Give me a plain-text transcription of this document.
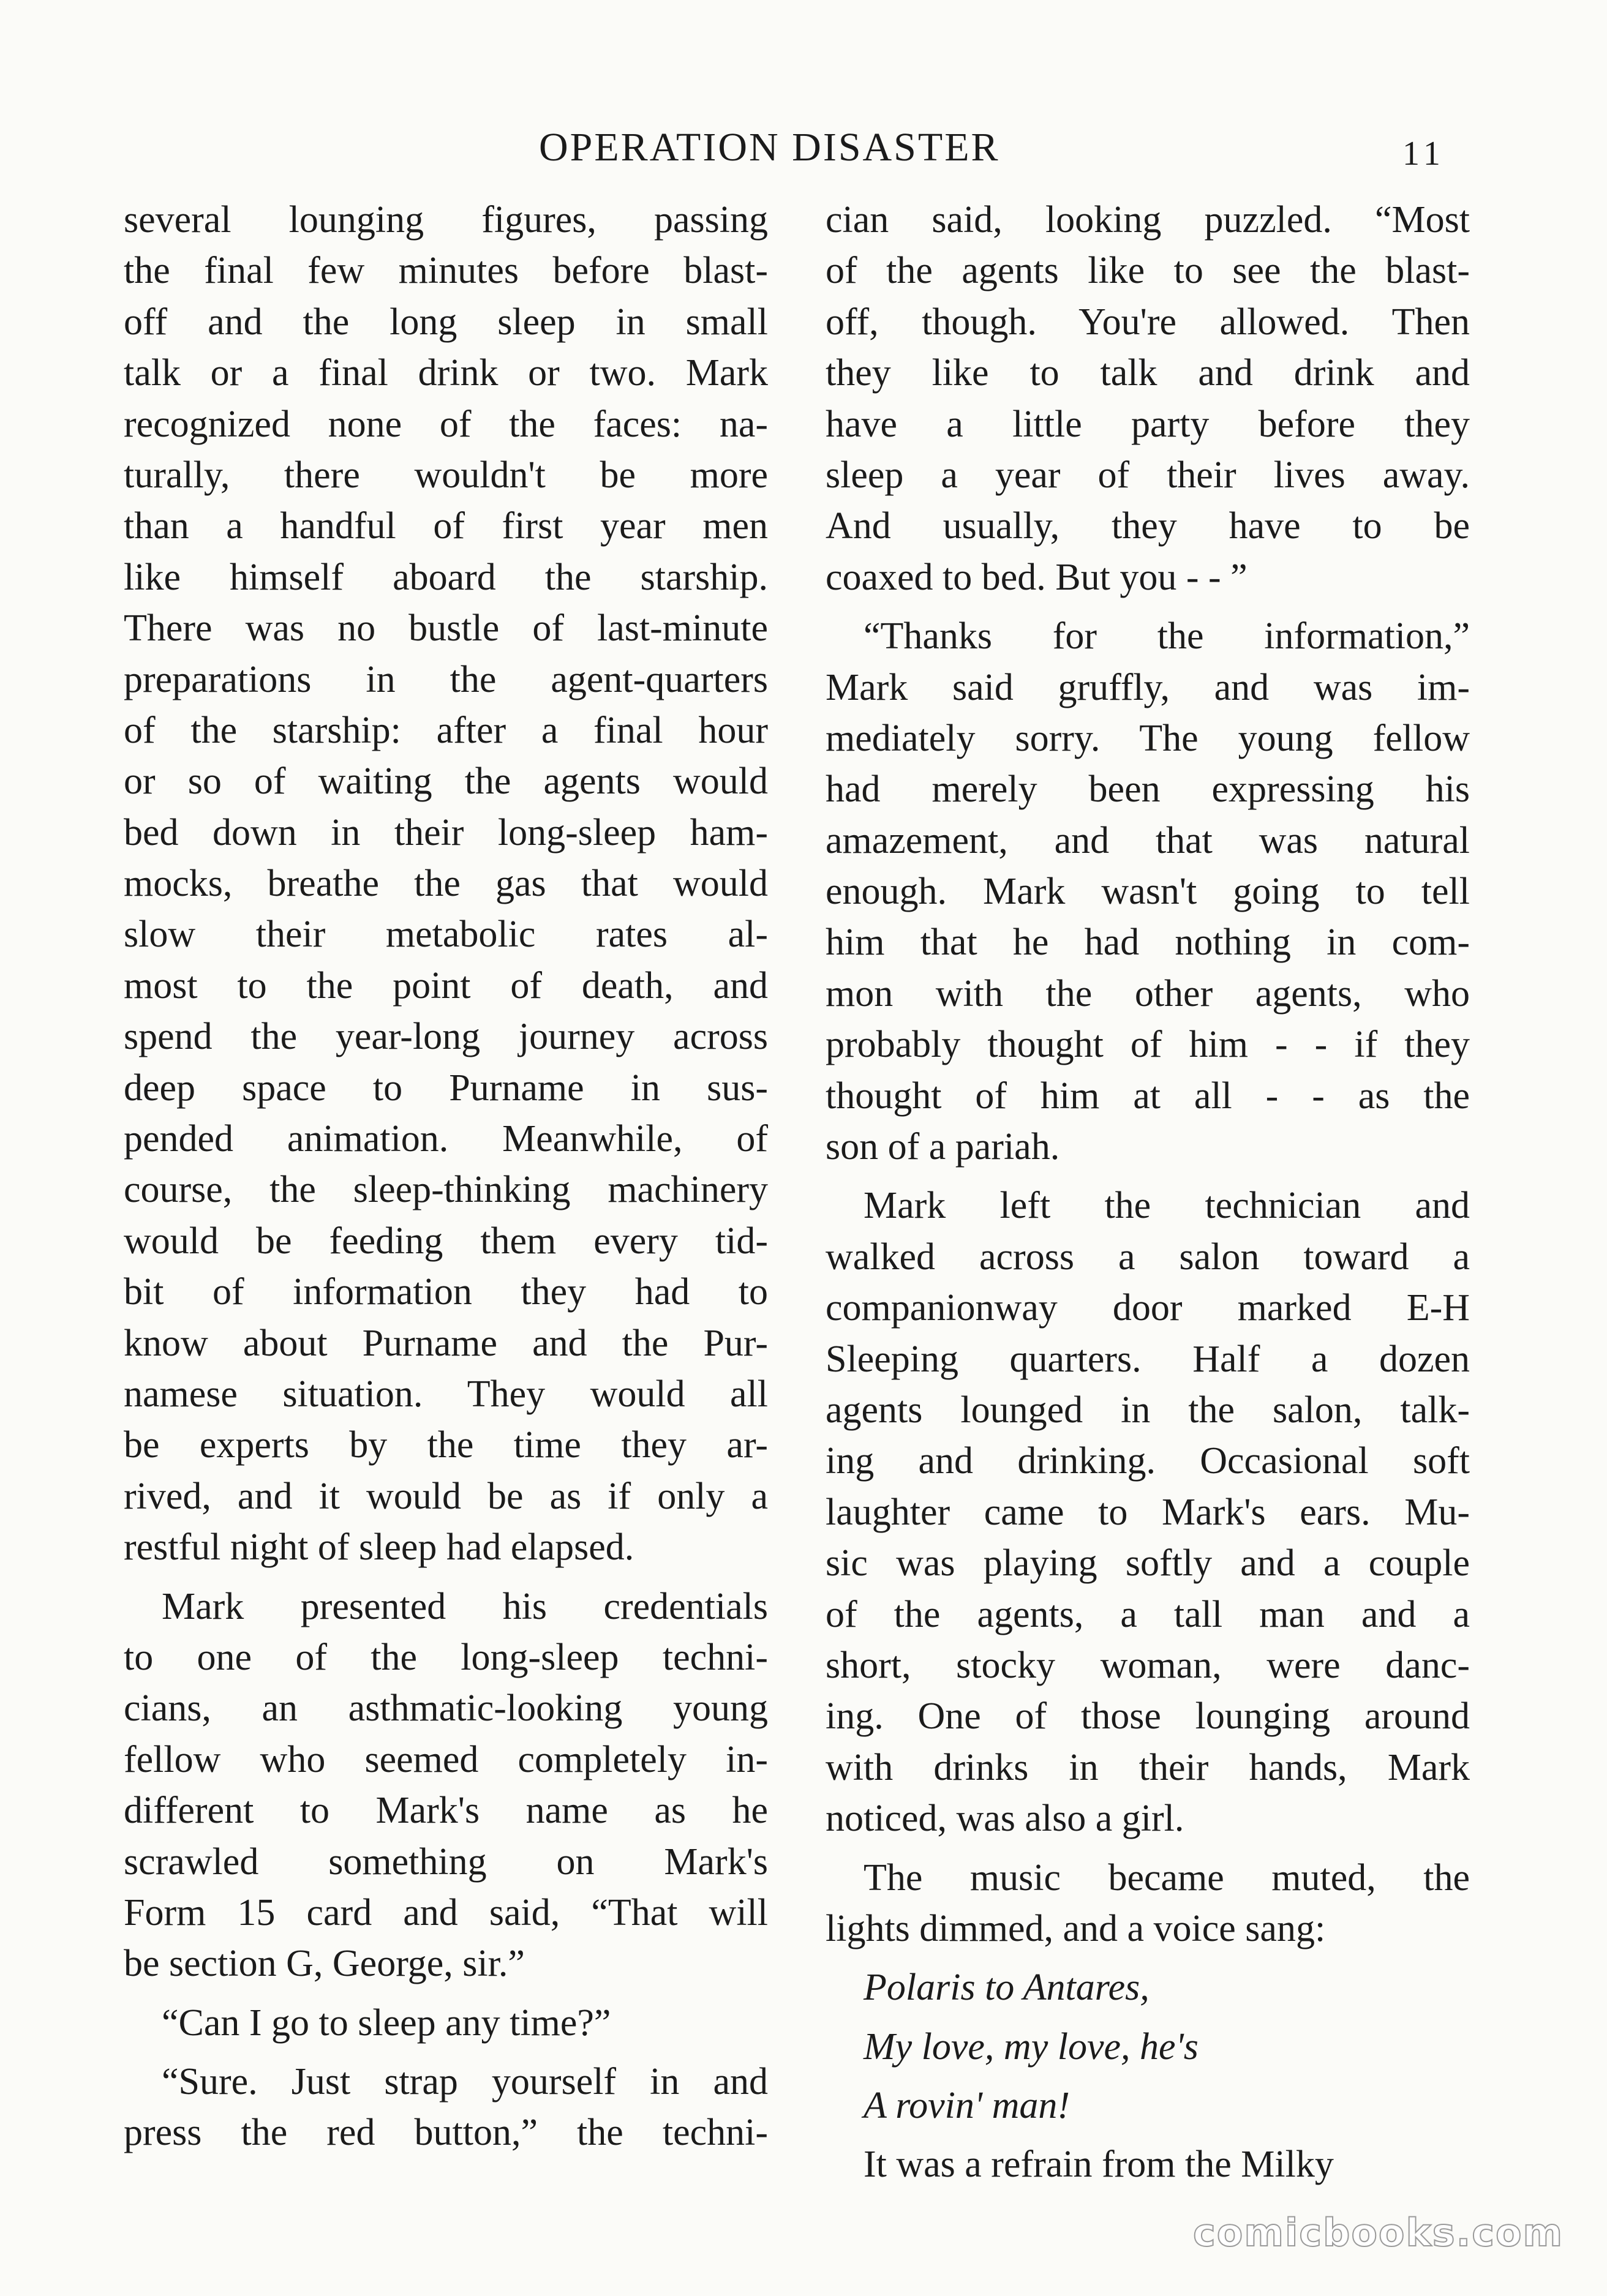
OPERATION DISASTER	11
several lounging figures, passing
the final few minutes before blast-
off and the long sleep in small
talk or a final drink or two. Mark
recognized none of the faces: na-
turally, there wouldn't be more
than a handful of first year men
like himself aboard the starship.
There was no bustle of last-minute
preparations in the agent-quarters
of the starship: after a final hour
or so of waiting the agents would
bed down in their long-sleep ham-
mocks, breathe the gas that would
slow their metabolic rates al-
most to the point of death, and
spend the year-long journey across
deep space to Purname in sus-
pended animation. Meanwhile, of
course, the sleep-thinking machinery
would be feeding them every tid-
bit of information they had to
know about Purname and the Pur-
namese situation. They would all
be experts by the time they ar-
rived, and it would be as if only a
restful night of sleep had elapsed.
Mark presented his credentials
to one of the long-sleep techni-
cians, an asthmatic-looking young
fellow who seemed completely in-
different to Mark's name as he
scrawled something on Mark's
Form 15 card and said, “That will
be section G, George, sir.”
“Can I go to sleep any time?”
“Sure. Just strap yourself in and
press the red button,” the techni-
cian said, looking puzzled. “Most
of the agents like to see the blast-
off, though. You're allowed. Then
they like to talk and drink and
have a little party before they
sleep a year of their lives away.
And usually, they have to be
coaxed to bed. But you - - ”
“Thanks for the information,”
Mark said gruffly, and was im-
mediately sorry. The young fellow
had merely been expressing his
amazement, and that was natural
enough. Mark wasn't going to tell
him that he had nothing in com-
mon with the other agents, who
probably thought of him - - if they
thought of him at all - - as the
son of a pariah.
Mark left the technician and
walked across a salon toward a
companionway door marked E-H
Sleeping quarters. Half a dozen
agents lounged in the salon, talk-
ing and drinking. Occasional soft
laughter came to Mark's ears. Mu-
sic was playing softly and a couple
of the agents, a tall man and a
short, stocky woman, were danc-
ing. One of those lounging around
with drinks in their hands, Mark
noticed, was also a girl.
The music became muted, the
lights dimmed, and a voice sang:
Polaris to Antares,
My love, my love, he's
A rovin' man!
It was a refrain from the Milky
comicbooks.com
